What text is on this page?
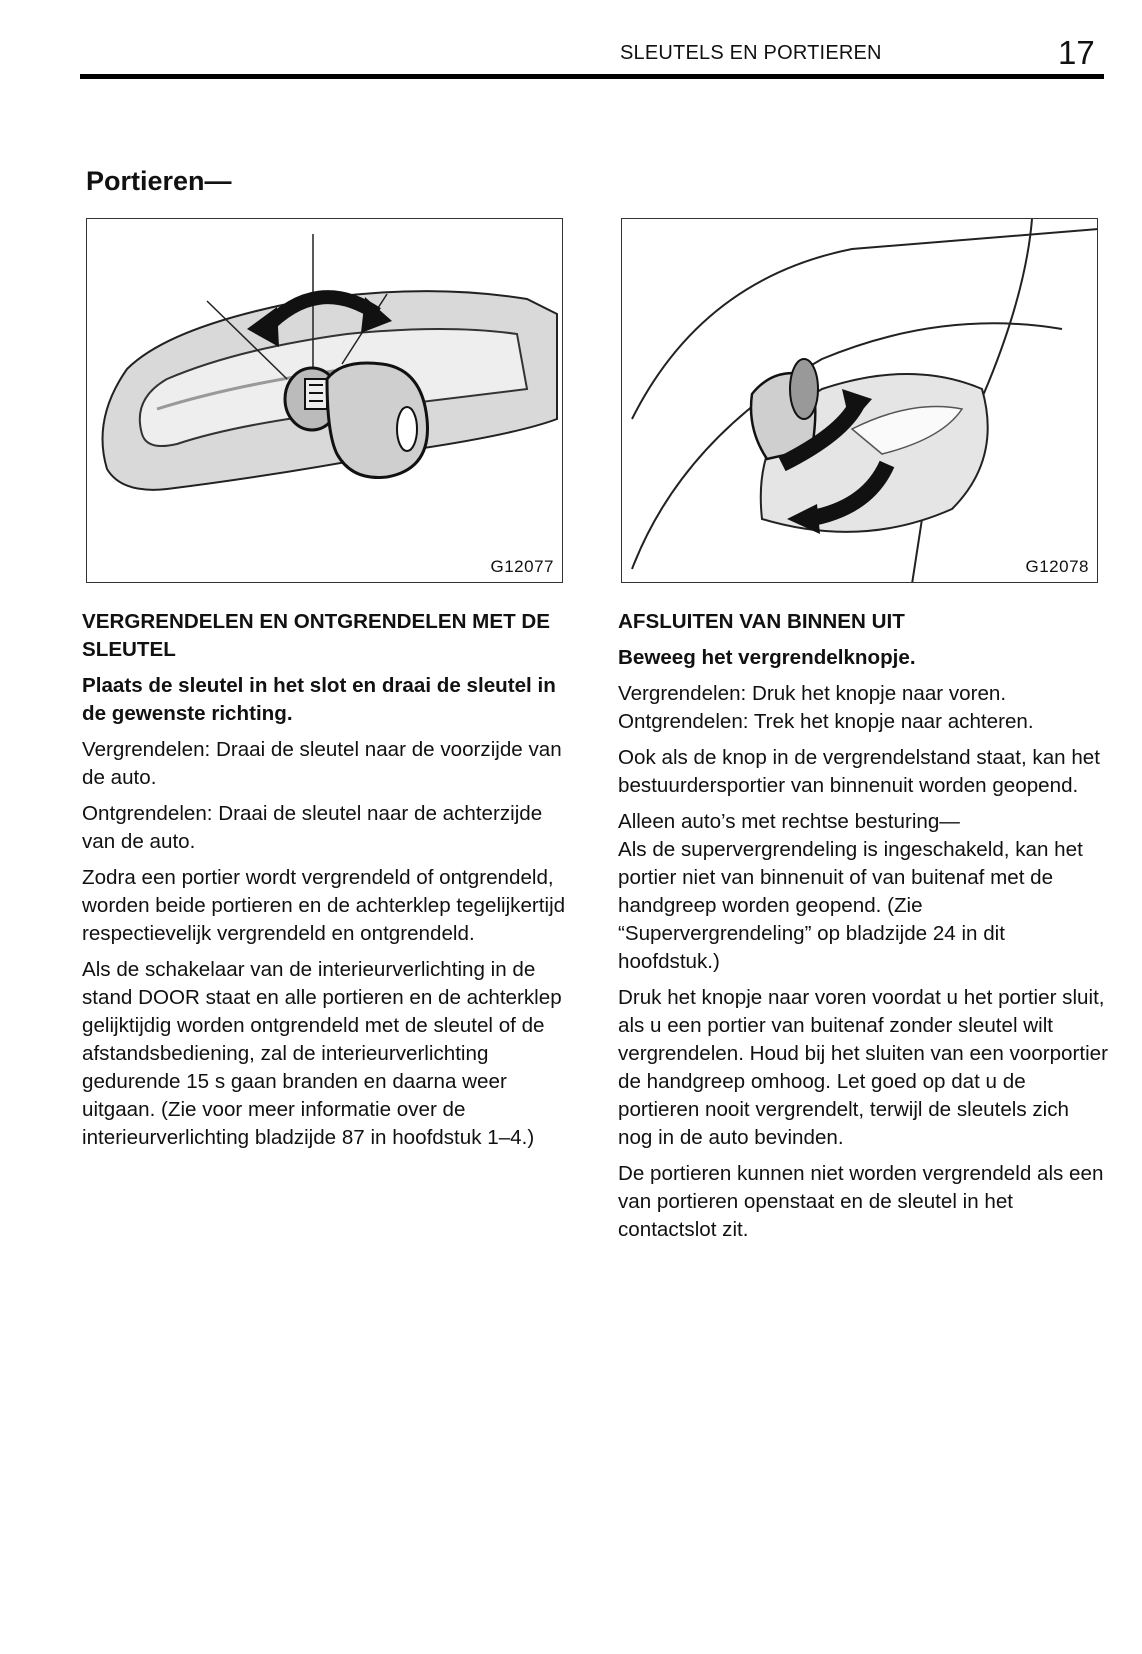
SLEUTELS EN PORTIEREN	17
Portieren—
G12077	G12078
VERGRENDELEN EN ONTGRENDELEN MET DE SLEUTEL
Plaats de sleutel in het slot en draai de sleutel in de gewenste richting.
Vergrendelen: Draai de sleutel naar de voorzijde van de auto.
Ontgrendelen: Draai de sleutel naar de achterzijde van de auto.
Zodra een portier wordt vergrendeld of ontgrendeld, worden beide portieren en de achterklep tegelijkertijd respectievelijk vergrendeld en ontgrendeld.
Als de schakelaar van de interieurverlichting in de stand DOOR staat en alle portieren en de achterklep gelijktijdig worden ontgrendeld met de sleutel of de afstandsbediening, zal de interieurverlichting gedurende 15 s gaan branden en daarna weer uitgaan. (Zie voor meer informatie over de interieurverlichting bladzijde 87 in hoofdstuk 1–4.)
AFSLUITEN VAN BINNEN UIT
Beweeg het vergrendelknopje.
Vergrendelen: Druk het knopje naar voren.
Ontgrendelen: Trek het knopje naar achteren.
Ook als de knop in de vergrendelstand staat, kan het bestuurdersportier van binnenuit worden geopend.
Alleen auto’s met rechtse besturing—
Als de supervergrendeling is ingeschakeld, kan het portier niet van binnenuit of van buitenaf met de handgreep worden geopend. (Zie “Supervergrendeling” op bladzijde 24 in dit hoofdstuk.)
Druk het knopje naar voren voordat u het portier sluit, als u een portier van buitenaf zonder sleutel wilt vergrendelen. Houd bij het sluiten van een voorportier de handgreep omhoog. Let goed op dat u de portieren nooit vergrendelt, terwijl de sleutels zich nog in de auto bevinden.
De portieren kunnen niet worden vergrendeld als een van portieren openstaat en de sleutel in het contactslot zit.
